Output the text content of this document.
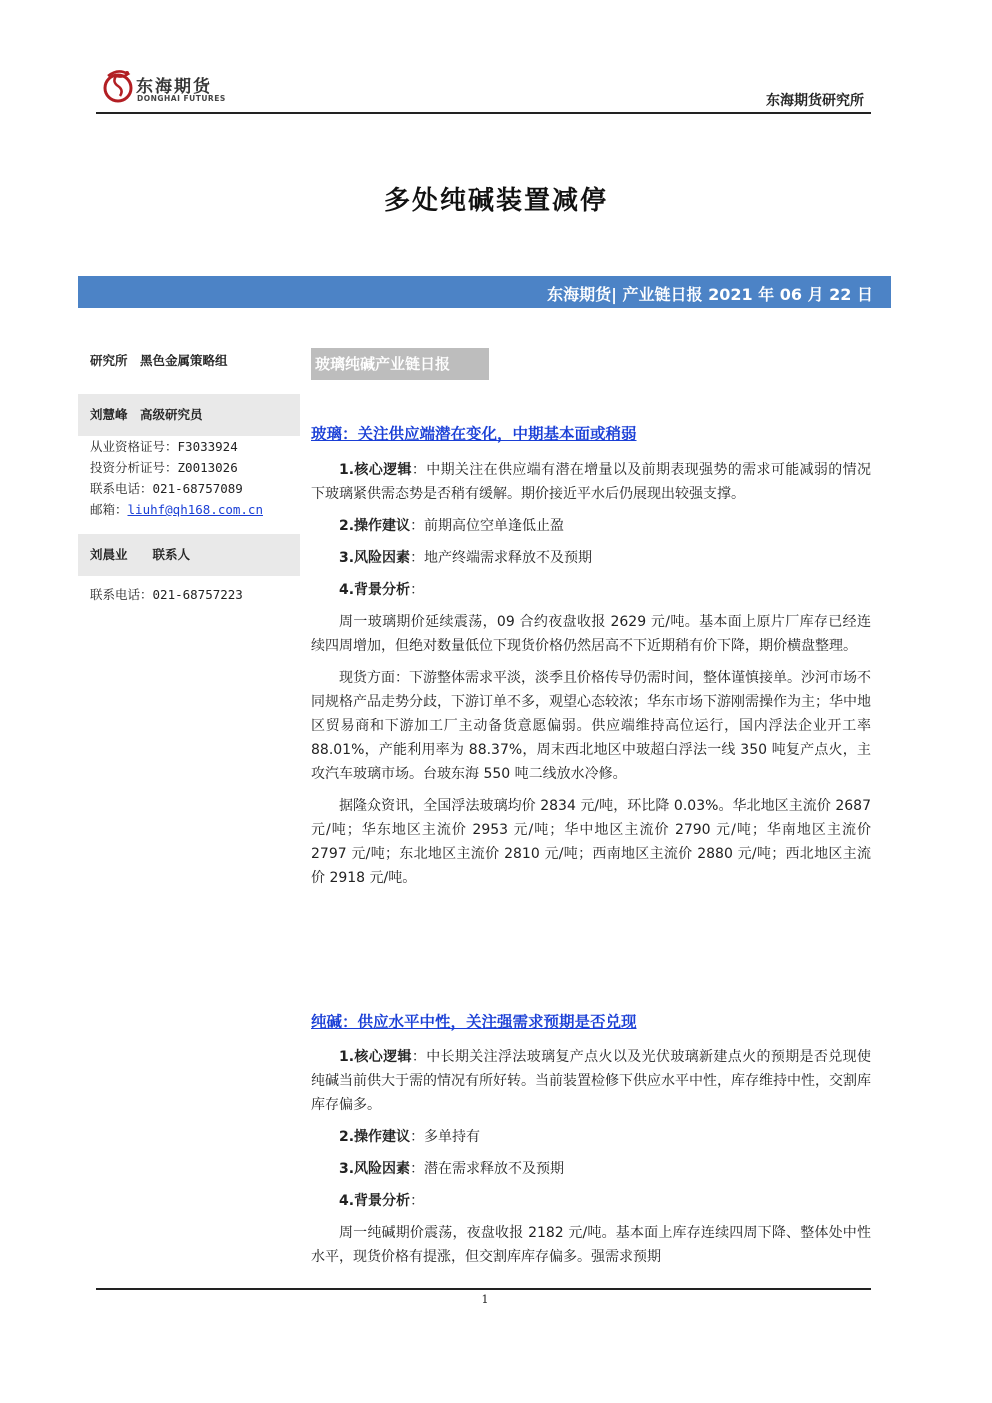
东海期货
DONGHAI FUTURES	东海期货研究所
多处纯碱装置减停
东海期货| 产业链日报 2021 年 06 月 22 日
研究所　黑色金属策略组
刘慧峰　高级研究员
从业资格证号：F3033924
投资分析证号：Z0013026
联系电话：021-68757089
邮箱：liuhf@qh168.com.cn
刘晨业　　联系人
联系电话：021-68757223
玻璃纯碱产业链日报
玻璃：关注供应端潜在变化，中期基本面或稍弱

1.核心逻辑：中期关注在供应端有潜在增量以及前期表现强势的需求可能减弱的情况下玻璃紧供需态势是否稍有缓解。期价接近平水后仍展现出较强支撑。

2.操作建议：前期高位空单逢低止盈

3.风险因素：地产终端需求释放不及预期

4.背景分析：

周一玻璃期价延续震荡，09 合约夜盘收报 2629 元/吨。基本面上原片厂库存已经连续四周增加，但绝对数量低位下现货价格仍然居高不下近期稍有价下降，期价横盘整理。

现货方面：下游整体需求平淡，淡季且价格传导仍需时间，整体谨慎接单。沙河市场不同规格产品走势分歧，下游订单不多，观望心态较浓；华东市场下游刚需操作为主；华中地区贸易商和下游加工厂主动备货意愿偏弱。供应端维持高位运行，国内浮法企业开工率 88.01%，产能利用率为 88.37%，周末西北地区中玻超白浮法一线 350 吨复产点火，主攻汽车玻璃市场。台玻东海 550 吨二线放水冷修。

据隆众资讯，全国浮法玻璃均价 2834 元/吨，环比降 0.03%。华北地区主流价 2687 元/吨；华东地区主流价 2953 元/吨；华中地区主流价 2790 元/吨；华南地区主流价 2797 元/吨；东北地区主流价 2810 元/吨；西南地区主流价 2880 元/吨；西北地区主流价 2918 元/吨。

纯碱：供应水平中性，关注强需求预期是否兑现

1.核心逻辑：中长期关注浮法玻璃复产点火以及光伏玻璃新建点火的预期是否兑现使纯碱当前供大于需的情况有所好转。当前装置检修下供应水平中性，库存维持中性，交割库库存偏多。

2.操作建议：多单持有

3.风险因素：潜在需求释放不及预期

4.背景分析：

周一纯碱期价震荡，夜盘收报 2182 元/吨。基本面上库存连续四周下降、整体处中性水平，现货价格有提涨，但交割库库存偏多。强需求预期

1
